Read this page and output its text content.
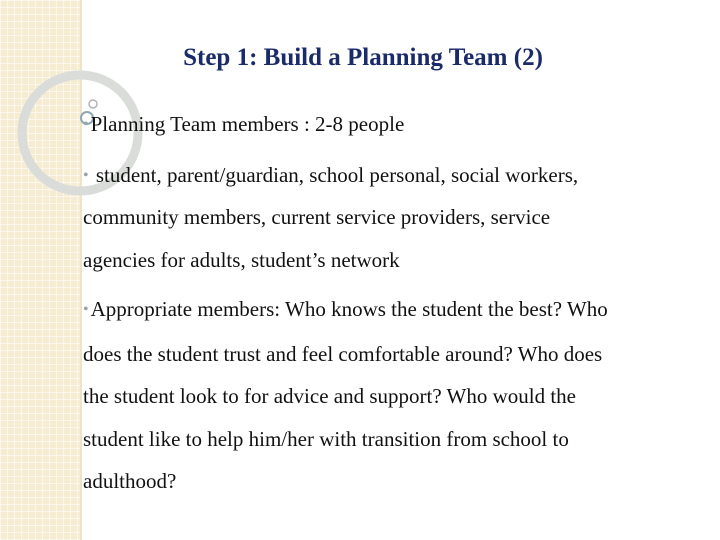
Step 1: Build a Planning Team (2)
•Planning Team members : 2-8 people
• student, parent/guardian, school personal, social workers,
community members, current service providers, service
agencies for adults, student’s network
•Appropriate members: Who knows the student the best? Who
does the student trust and feel comfortable around? Who does
the student look to for advice and support? Who would the
student like to help him/her with transition from school to
adulthood?
